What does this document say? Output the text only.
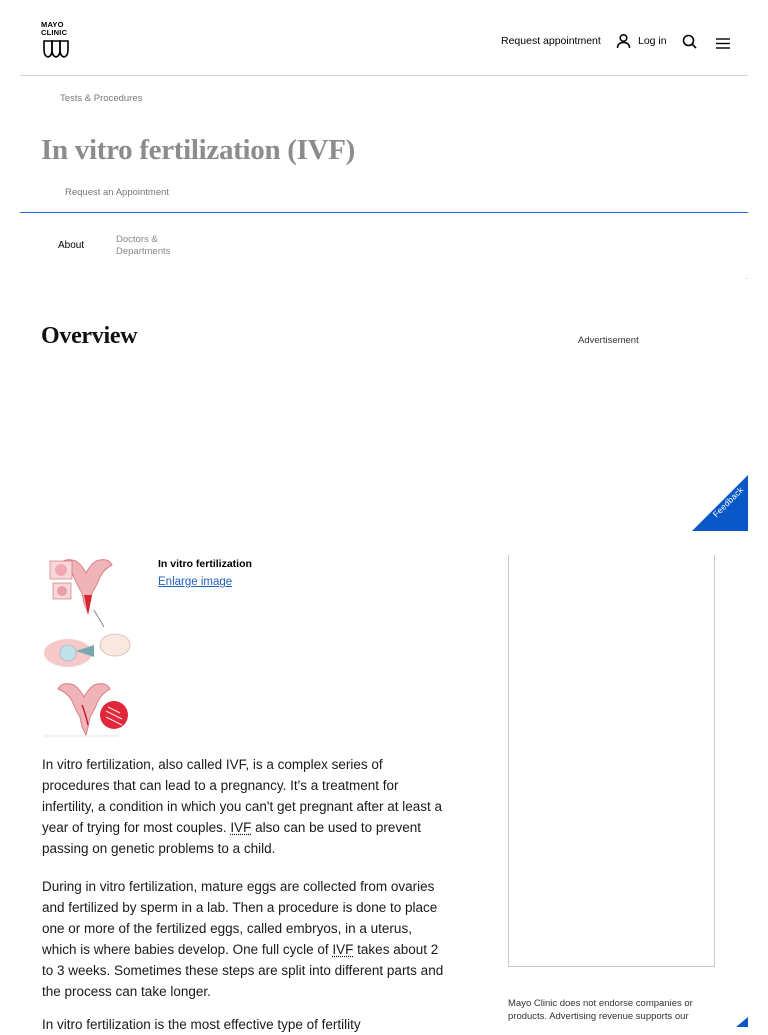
MAYO
CLINIC
Request appointment	Log in
Tests & Procedures
In vitro fertilization (IVF)
Request an Appointment
About
Doctors & Departments
Overview	Advertisement
Feedback
In vitro fertilization
Enlarge image
Mayo Clinic does not endorse companies or products. Advertising revenue supports our

In vitro fertilization, also called IVF, is a complex series of procedures that can lead to a pregnancy. It's a treatment for infertility, a condition in which you can't get pregnant after at least a year of trying for most couples. IVF also can be used to prevent passing on genetic problems to a child.

During in vitro fertilization, mature eggs are collected from ovaries and fertilized by sperm in a lab. Then a procedure is done to place one or more of the fertilized eggs, called embryos, in a uterus, which is where babies develop. One full cycle of IVF takes about 2 to 3 weeks. Sometimes these steps are split into different parts and the process can take longer.

In vitro fertilization is the most effective type of fertility
